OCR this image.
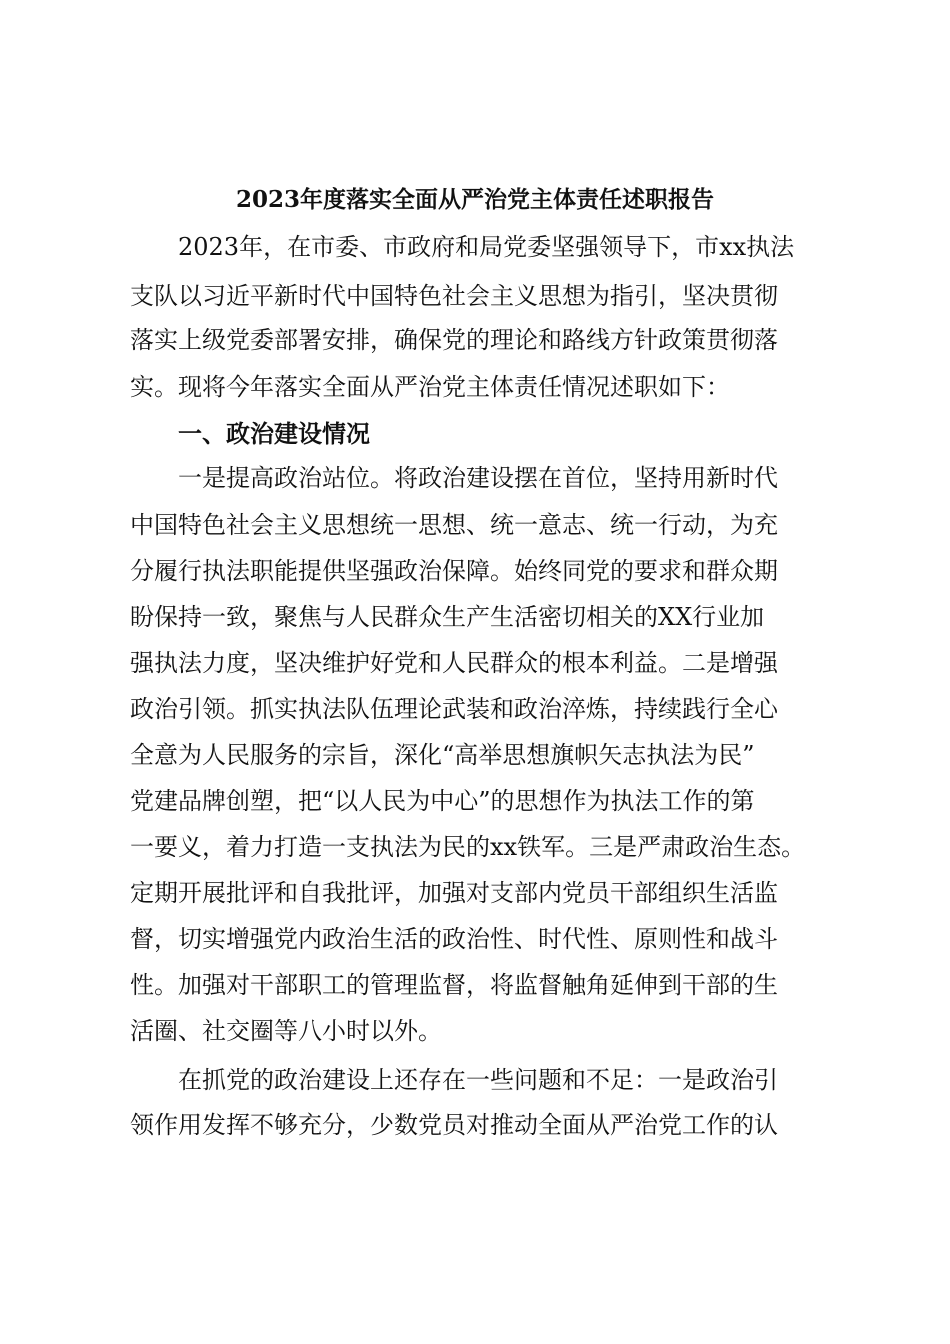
2023年度落实全面从严治党主体责任述职报告
2023年，在市委、市政府和局党委坚强领导下，市xx执法
支队以习近平新时代中国特色社会主义思想为指引，坚决贯彻
落实上级党委部署安排，确保党的理论和路线方针政策贯彻落
实。现将今年落实全面从严治党主体责任情况述职如下：
一、政治建设情况
一是提高政治站位。将政治建设摆在首位，坚持用新时代
中国特色社会主义思想统一思想、统一意志、统一行动，为充
分履行执法职能提供坚强政治保障。始终同党的要求和群众期
盼保持一致，聚焦与人民群众生产生活密切相关的XX行业加
强执法力度，坚决维护好党和人民群众的根本利益。二是增强
政治引领。抓实执法队伍理论武装和政治淬炼，持续践行全心
全意为人民服务的宗旨，深化“高举思想旗帜矢志执法为民”
党建品牌创塑，把“以人民为中心”的思想作为执法工作的第
一要义，着力打造一支执法为民的xx铁军。三是严肃政治生态。
定期开展批评和自我批评，加强对支部内党员干部组织生活监
督，切实增强党内政治生活的政治性、时代性、原则性和战斗
性。加强对干部职工的管理监督，将监督触角延伸到干部的生
活圈、社交圈等八小时以外。
在抓党的政治建设上还存在一些问题和不足：一是政治引
领作用发挥不够充分，少数党员对推动全面从严治党工作的认
